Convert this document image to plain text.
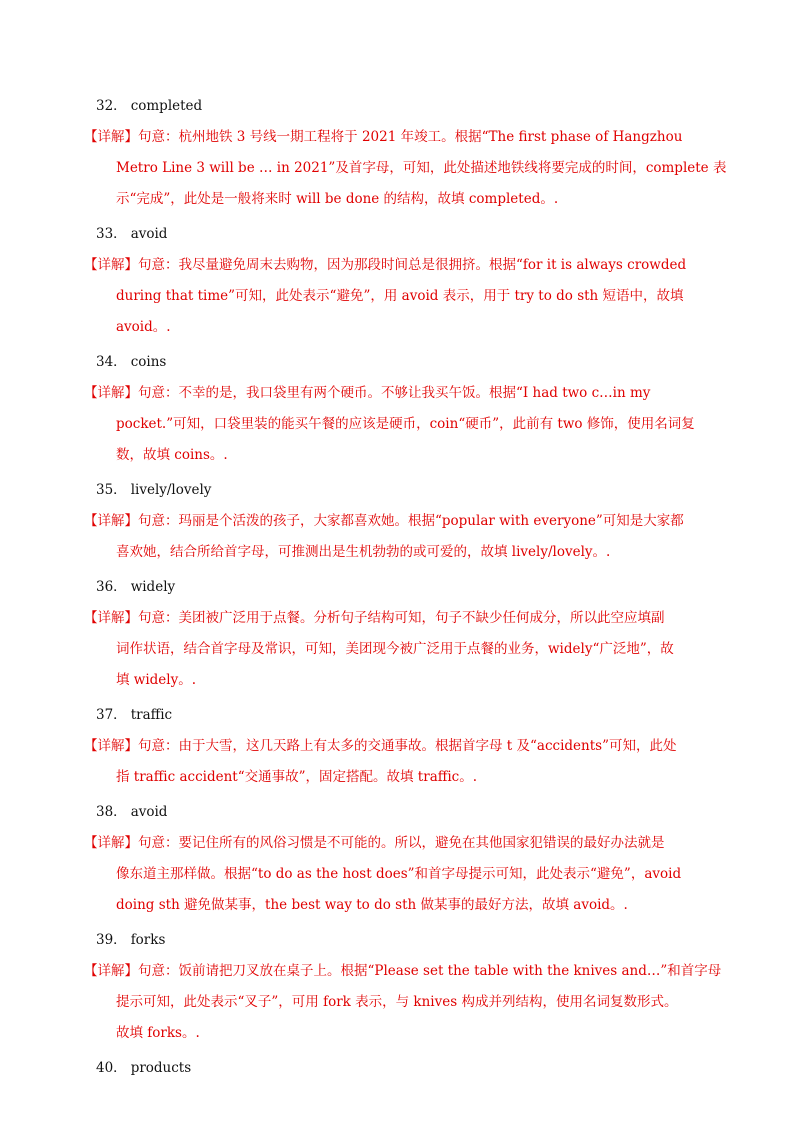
32． completed
【详解】句意：杭州地铁 3 号线一期工程将于 2021 年竣工。根据“The first phase of Hangzhou
Metro Line 3 will be … in 2021”及首字母，可知，此处描述地铁线将要完成的时间，complete 表
示“完成”，此处是一般将来时 will be done 的结构，故填 completed。.
33． avoid
【详解】句意：我尽量避免周末去购物，因为那段时间总是很拥挤。根据“for it is always crowded
during that time”可知，此处表示“避免”，用 avoid 表示，用于 try to do sth 短语中，故填
avoid。.
34． coins
【详解】句意：不幸的是，我口袋里有两个硬币。不够让我买午饭。根据“I had two c…in my
pocket.”可知，口袋里装的能买午餐的应该是硬币，coin“硬币”，此前有 two 修饰，使用名词复
数，故填 coins。.
35． lively/lovely
【详解】句意：玛丽是个活泼的孩子，大家都喜欢她。根据“popular with everyone”可知是大家都
喜欢她，结合所给首字母，可推测出是生机勃勃的或可爱的，故填 lively/lovely。.
36． widely
【详解】句意：美团被广泛用于点餐。分析句子结构可知，句子不缺少任何成分，所以此空应填副
词作状语，结合首字母及常识，可知，美团现今被广泛用于点餐的业务，widely“广泛地”，故
填 widely。.
37． traffic
【详解】句意：由于大雪，这几天路上有太多的交通事故。根据首字母 t 及“accidents”可知，此处
指 traffic accident“交通事故”，固定搭配。故填 traffic。.
38． avoid
【详解】句意：要记住所有的风俗习惯是不可能的。所以，避免在其他国家犯错误的最好办法就是
像东道主那样做。根据“to do as the host does”和首字母提示可知，此处表示“避免”，avoid
doing sth 避免做某事，the best way to do sth 做某事的最好方法，故填 avoid。.
39． forks
【详解】句意：饭前请把刀叉放在桌子上。根据“Please set the table with the knives and…”和首字母
提示可知，此处表示“叉子”，可用 fork 表示，与 knives 构成并列结构，使用名词复数形式。
故填 forks。.
40． products
